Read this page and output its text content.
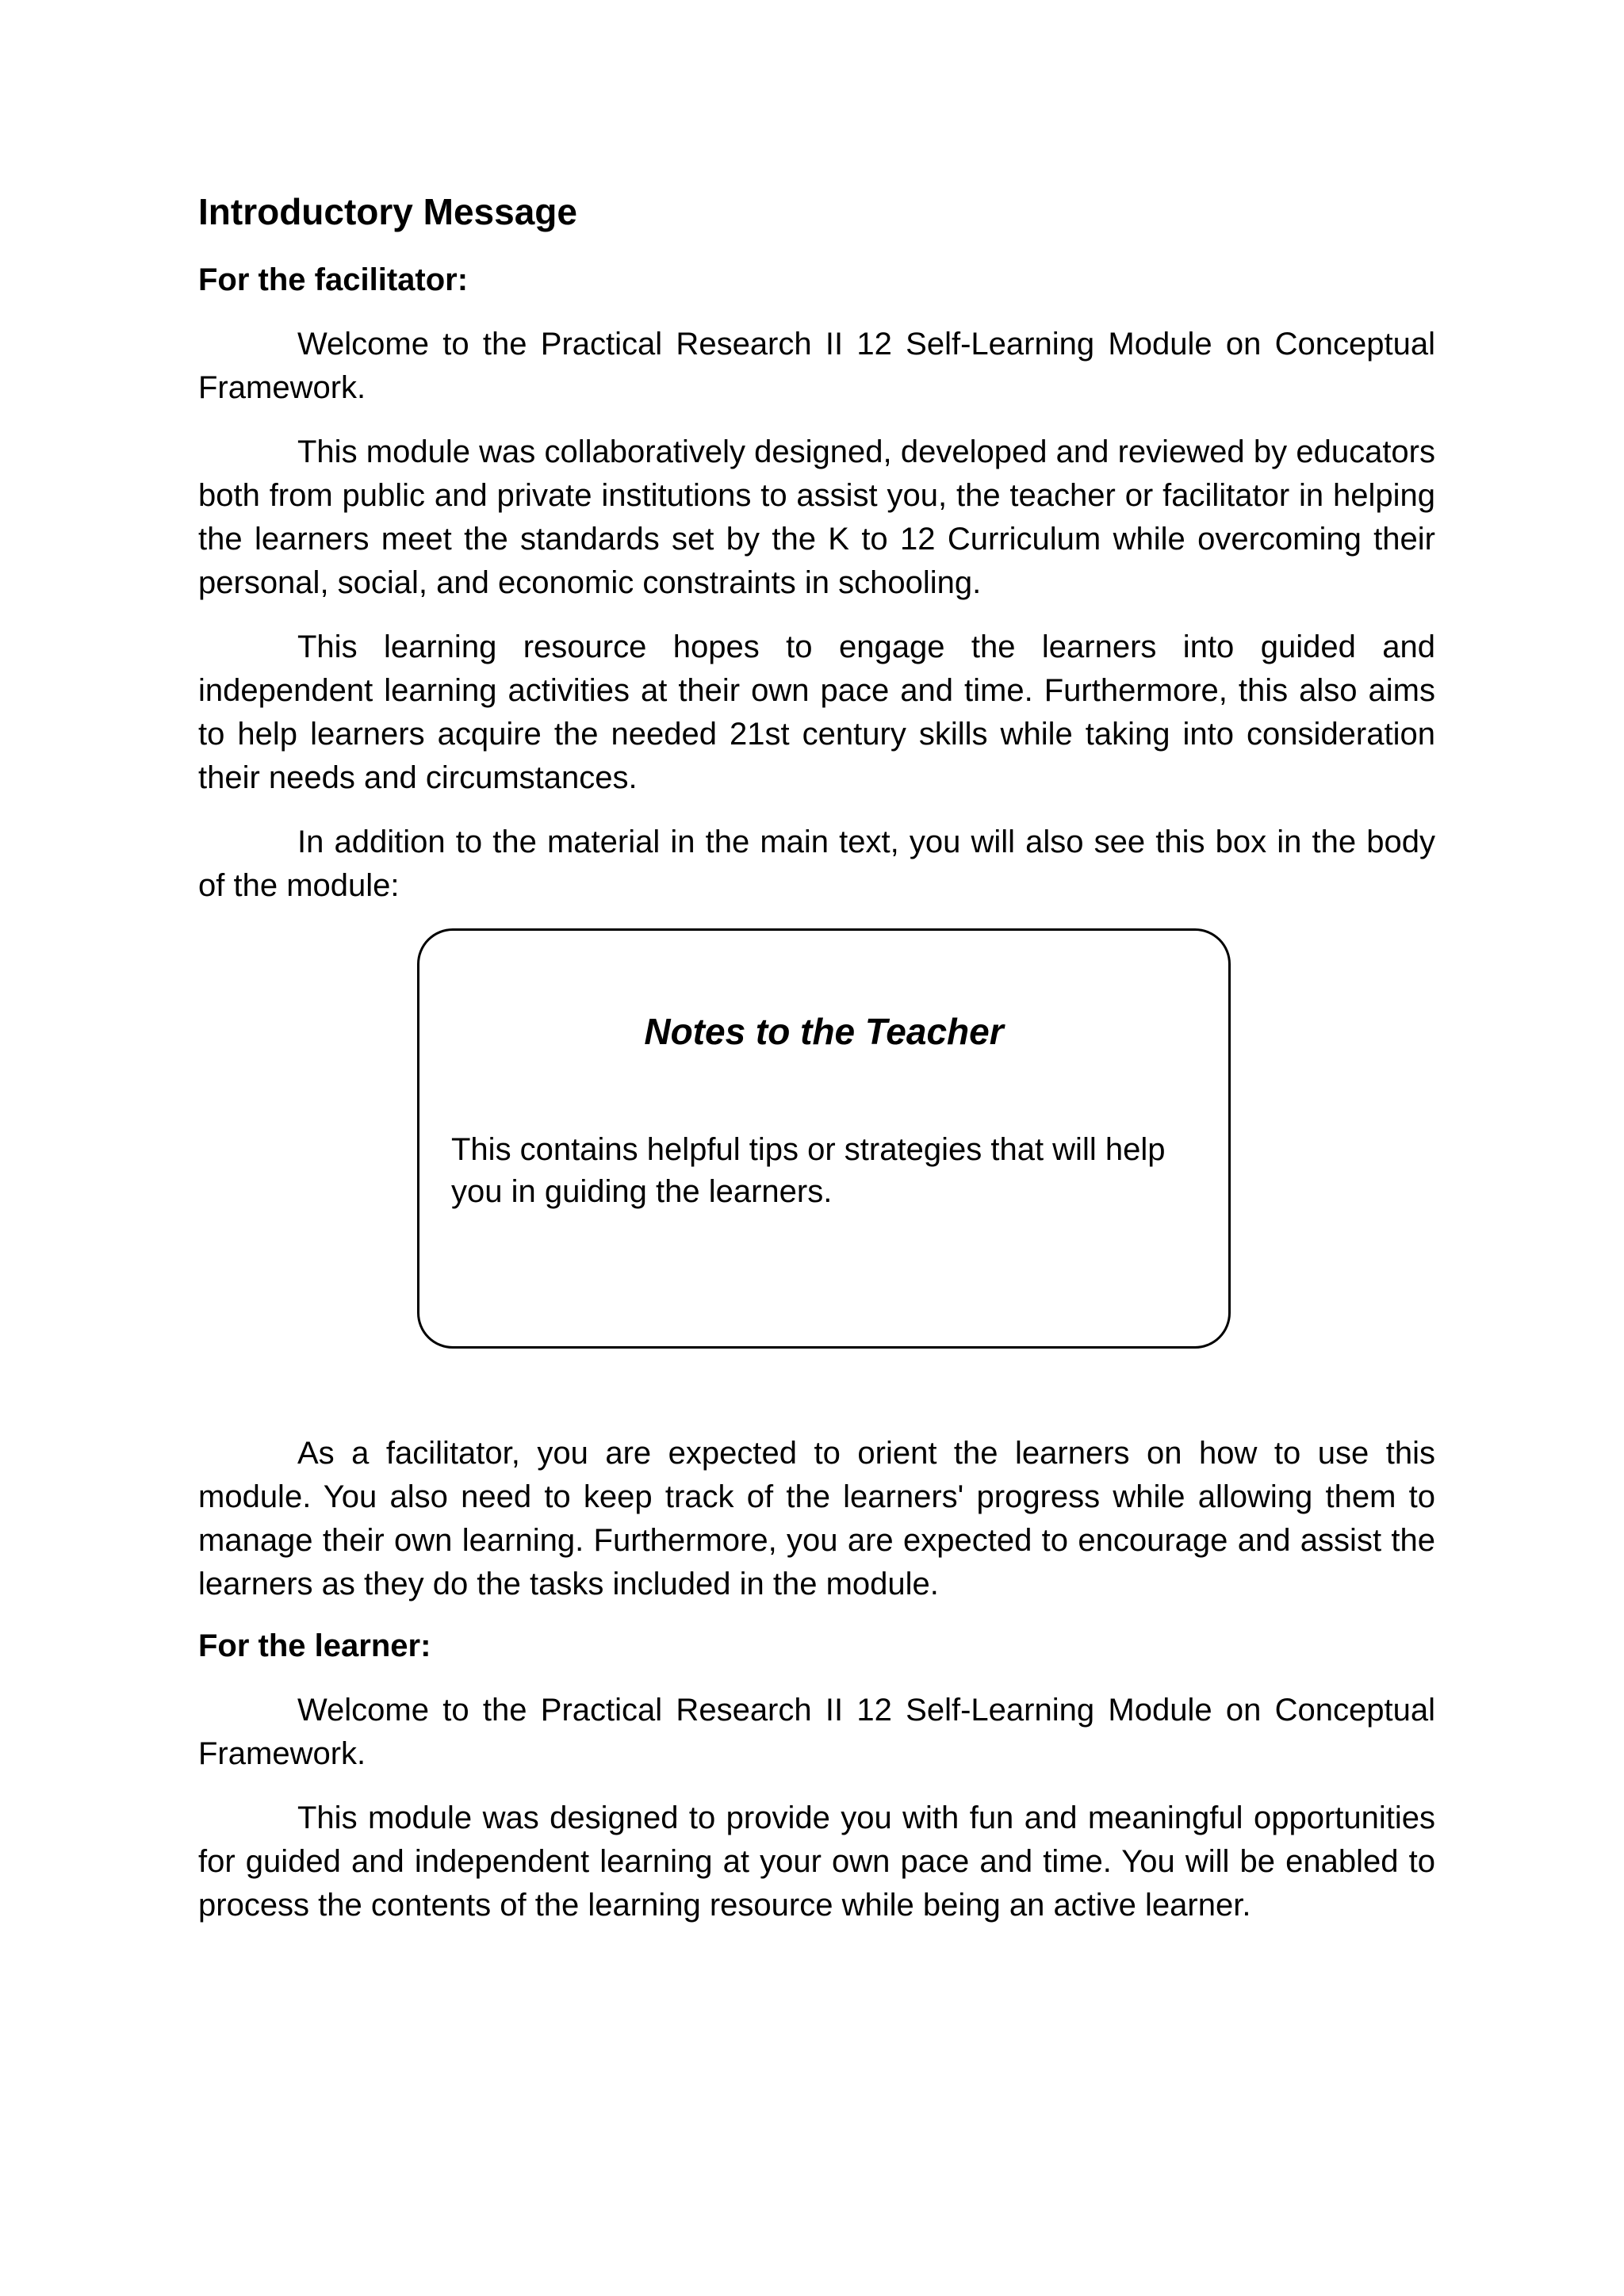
Introductory Message
For the facilitator:

Welcome to the Practical Research II 12 Self-Learning Module on Conceptual Framework.

This module was collaboratively designed, developed and reviewed by educators both from public and private institutions to assist you, the teacher or facilitator in helping the learners meet the standards set by the K to 12 Curriculum while overcoming their personal, social, and economic constraints in schooling.

This learning resource hopes to engage the learners into guided and independent learning activities at their own pace and time. Furthermore, this also aims to help learners acquire the needed 21st century skills while taking into consideration their needs and circumstances.

In addition to the material in the main text, you will also see this box in the body of the module:

Notes to the Teacher
This contains helpful tips or strategies that will help you in guiding the learners.

As a facilitator, you are expected to orient the learners on how to use this module. You also need to keep track of the learners' progress while allowing them to manage their own learning. Furthermore, you are expected to encourage and assist the learners as they do the tasks included in the module.

For the learner:

Welcome to the Practical Research II 12 Self-Learning Module on Conceptual Framework.

This module was designed to provide you with fun and meaningful opportunities for guided and independent learning at your own pace and time. You will be enabled to process the contents of the learning resource while being an active learner.
